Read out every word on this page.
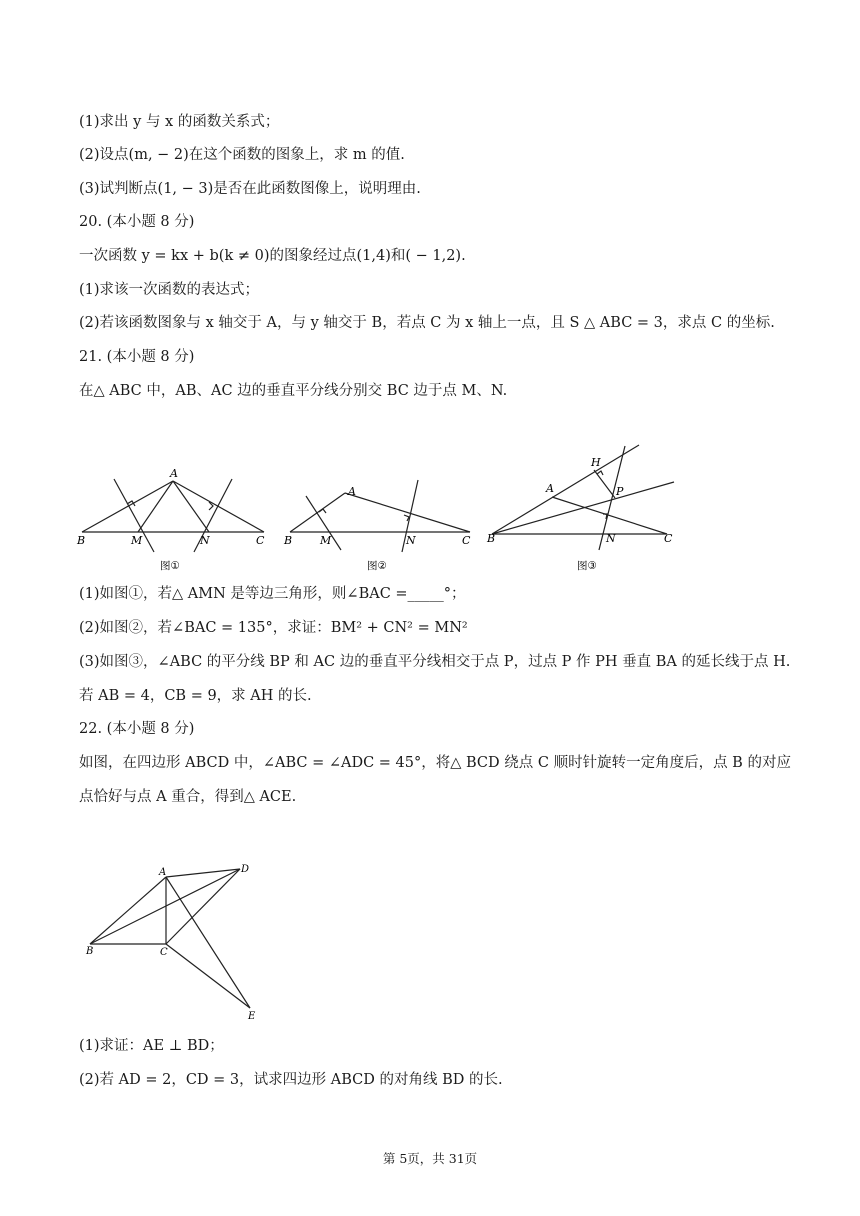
(1)求出 y 与 x 的函数关系式；
(2)设点(m, − 2)在这个函数的图象上，求 m 的值.
(3)试判断点(1, − 3)是否在此函数图像上，说明理由.
20. (本小题 8 分)
一次函数 y = kx + b(k ≠ 0)的图象经过点(1,4)和( − 1,2).
(1)求该一次函数的表达式；
(2)若该函数图象与 x 轴交于 A，与 y 轴交于 B，若点 C 为 x 轴上一点，且 S △ ABC = 3，求点 C 的坐标.
21. (本小题 8 分)
在△ ABC 中，AB、AC 边的垂直平分线分别交 BC 边于点 M、N.
A
B	M	N	C
图①
A
B	M	N	C
图②
H
A	P
B	N	C
图③
(1)如图①，若△ AMN 是等边三角形，则∠BAC =_____°；
(2)如图②，若∠BAC = 135°，求证：BM² + CN² = MN²
(3)如图③，∠ABC 的平分线 BP 和 AC 边的垂直平分线相交于点 P，过点 P 作 PH 垂直 BA 的延长线于点 H.
若 AB = 4，CB = 9，求 AH 的长.
22. (本小题 8 分)
如图，在四边形 ABCD 中，∠ABC = ∠ADC = 45°，将△ BCD 绕点 C 顺时针旋转一定角度后，点 B 的对应
点恰好与点 A 重合，得到△ ACE.
A	D
B	C
E
(1)求证：AE ⊥ BD；
(2)若 AD = 2，CD = 3，试求四边形 ABCD 的对角线 BD 的长.
第 5页，共 31页
